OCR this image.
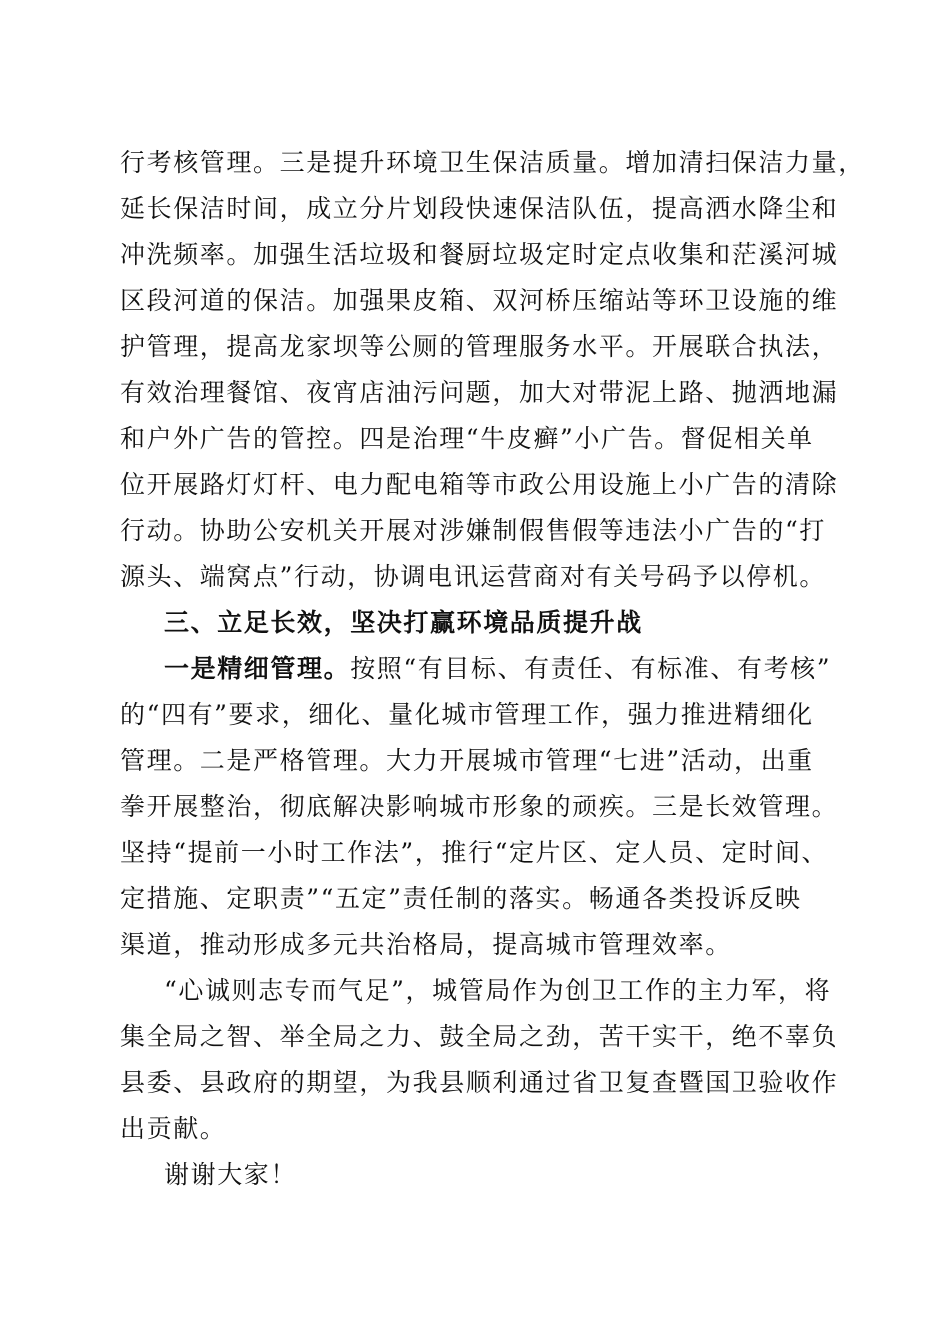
行考核管理。三是提升环境卫生保洁质量。增加清扫保洁力量，
延长保洁时间，成立分片划段快速保洁队伍，提高洒水降尘和
冲洗频率。加强生活垃圾和餐厨垃圾定时定点收集和茫溪河城
区段河道的保洁。加强果皮箱、双河桥压缩站等环卫设施的维
护管理，提高龙家坝等公厕的管理服务水平。开展联合执法，
有效治理餐馆、夜宵店油污问题，加大对带泥上路、抛洒地漏
和户外广告的管控。四是治理“牛皮癣”小广告。督促相关单
位开展路灯灯杆、电力配电箱等市政公用设施上小广告的清除
行动。协助公安机关开展对涉嫌制假售假等违法小广告的“打
源头、端窝点”行动，协调电讯运营商对有关号码予以停机。
三、立足长效，坚决打赢环境品质提升战
一是精细管理。按照“有目标、有责任、有标准、有考核”
的“四有”要求，细化、量化城市管理工作，强力推进精细化
管理。二是严格管理。大力开展城市管理“七进”活动，出重
拳开展整治，彻底解决影响城市形象的顽疾。三是长效管理。
坚持“提前一小时工作法”，推行“定片区、定人员、定时间、
定措施、定职责”“五定”责任制的落实。畅通各类投诉反映
渠道，推动形成多元共治格局，提高城市管理效率。
“心诚则志专而气足”，城管局作为创卫工作的主力军，将
集全局之智、举全局之力、鼓全局之劲，苦干实干，绝不辜负
县委、县政府的期望，为我县顺利通过省卫复查暨国卫验收作
出贡献。
谢谢大家！
